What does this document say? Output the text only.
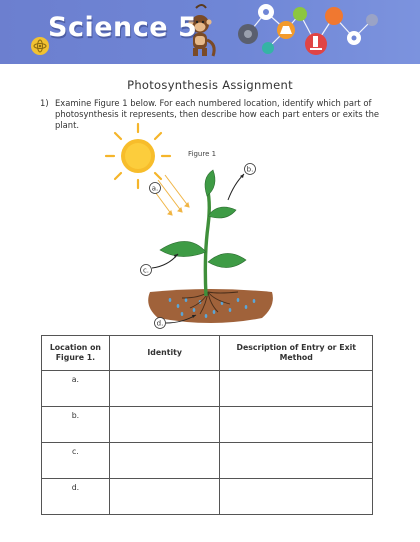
Science 5
Photosynthesis Assignment
1) Examine Figure 1 below. For each numbered location, identify which part of photosynthesis it represents, then describe how each part enters or exits the plant.
Figure 1
a.
b.
c.
d.
Location on Figure 1.	Identity	Description of Entry or Exit Method
a.		
b.		
c.		
d.		
